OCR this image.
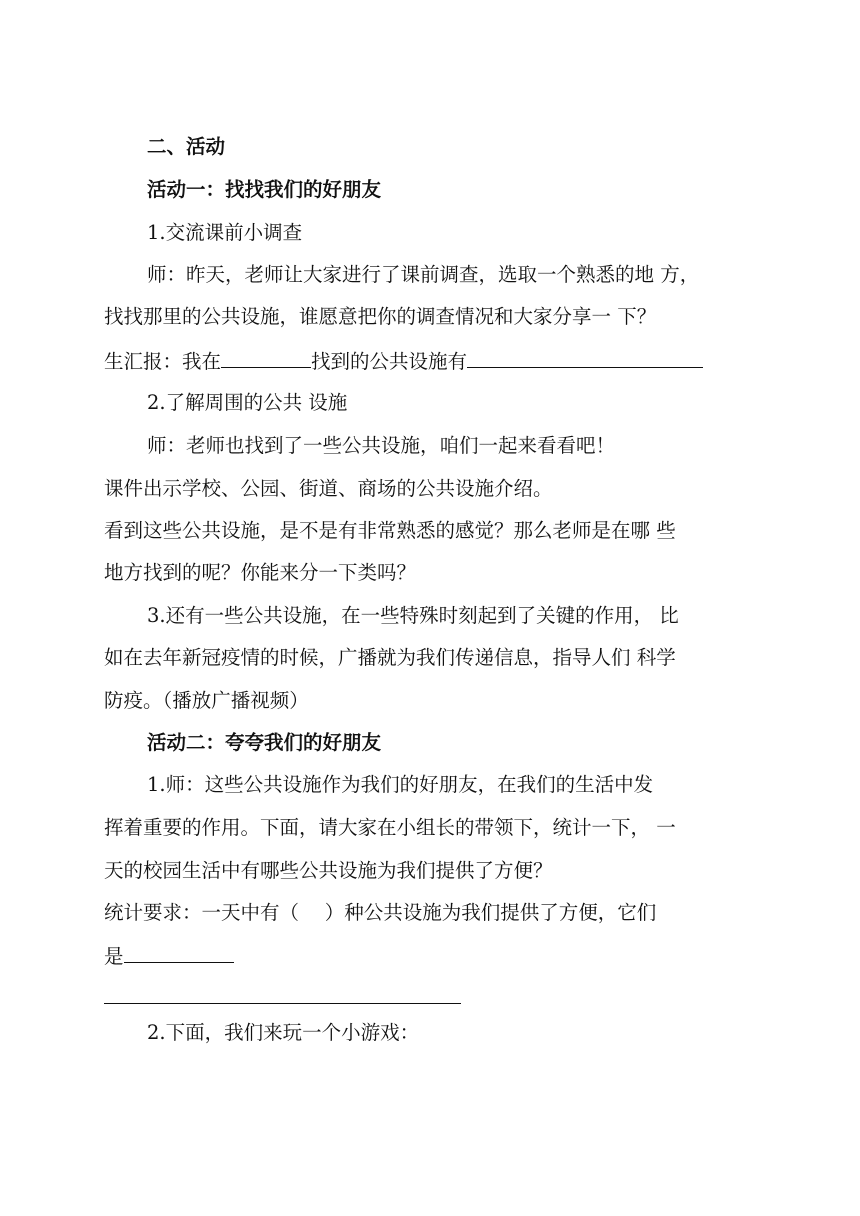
二、活动
活动一：找找我们的好朋友
1.交流课前小调查
师：昨天，老师让大家进行了课前调查，选取一个熟悉的地 方，
找找那里的公共设施，谁愿意把你的调查情况和大家分享一 下？
生汇报：我在	找到的公共设施有
2.了解周围的公共 设施
师：老师也找到了一些公共设施，咱们一起来看看吧！
课件出示学校、公园、街道、商场的公共设施介绍。
看到这些公共设施，是不是有非常熟悉的感觉？那么老师是在哪 些
地方找到的呢？你能来分一下类吗？
3.还有一些公共设施，在一些特殊时刻起到了关键的作用， 比
如在去年新冠疫情的时候，广播就为我们传递信息，指导人们 科学
防疫。（播放广播视频）
活动二：夸夸我们的好朋友
1.师：这些公共设施作为我们的好朋友，在我们的生活中发
挥着重要的作用。下面，请大家在小组长的带领下，统计一下， 一
天的校园生活中有哪些公共设施为我们提供了方便？
统计要求：一天中有（　 ）种公共设施为我们提供了方便，它们
是
2.下面，我们来玩一个小游戏：
